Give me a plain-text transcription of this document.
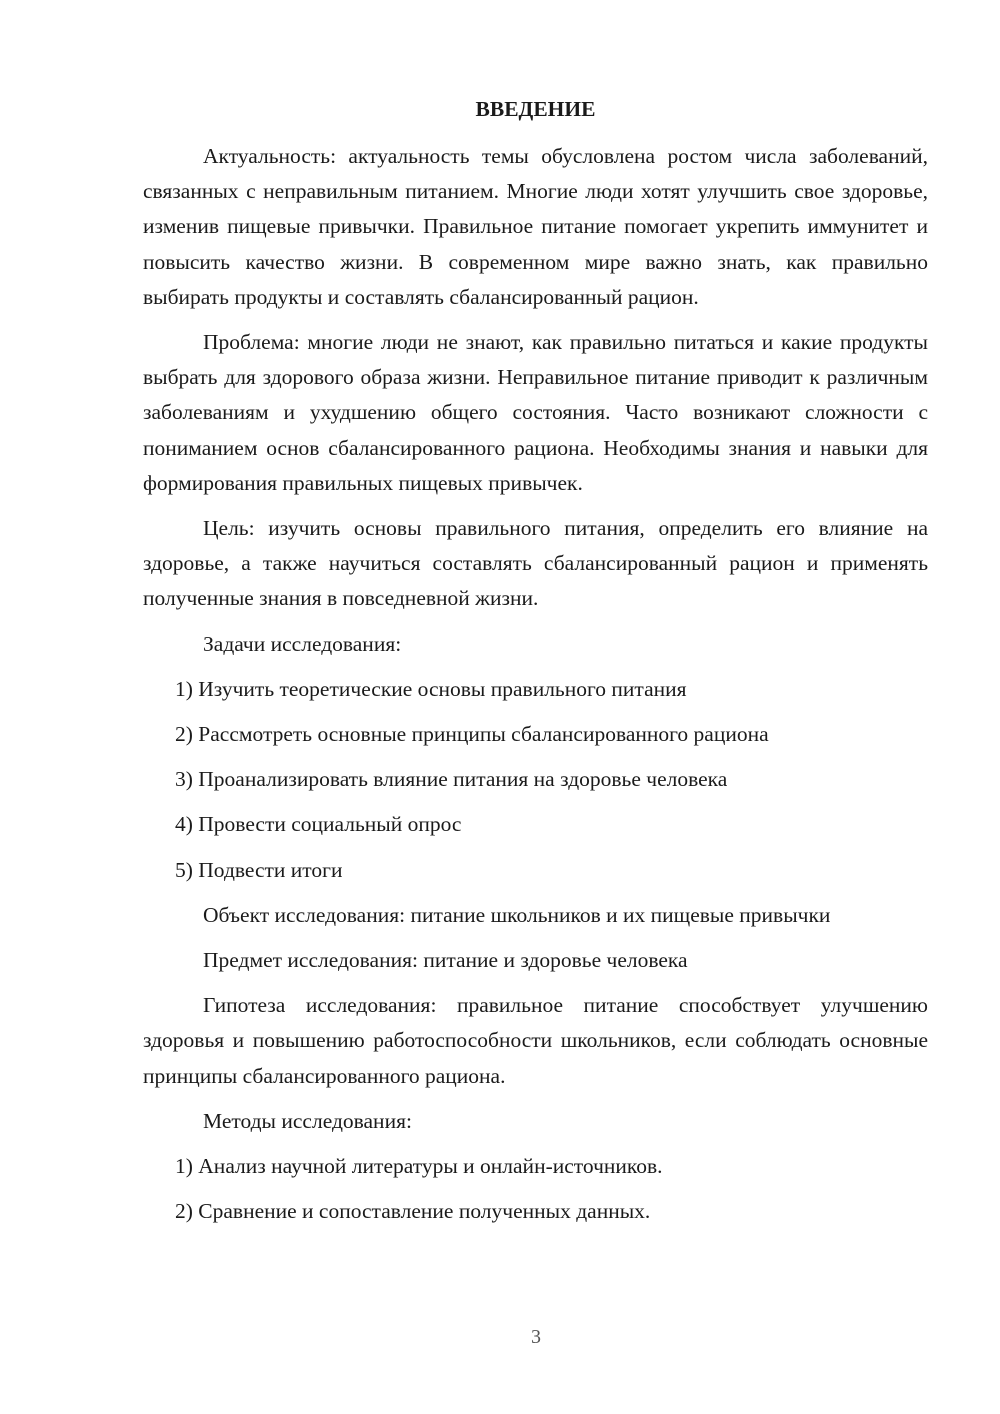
ВВЕДЕНИЕ

Актуальность: актуальность темы обусловлена ростом числа заболеваний, связанных с неправильным питанием. Многие люди хотят улучшить свое здоровье, изменив пищевые привычки. Правильное питание помогает укрепить иммунитет и повысить качество жизни. В современном мире важно знать, как правильно выбирать продукты и составлять сбалансированный рацион.

Проблема: многие люди не знают, как правильно питаться и какие продукты выбрать для здорового образа жизни. Неправильное питание приводит к различным заболеваниям и ухудшению общего состояния. Часто возникают сложности с пониманием основ сбалансированного рациона. Необходимы знания и навыки для формирования правильных пищевых привычек.

Цель: изучить основы правильного питания, определить его влияние на здоровье, а также научиться составлять сбалансированный рацион и применять полученные знания в повседневной жизни.

Задачи исследования:
1) Изучить теоретические основы правильного питания
2) Рассмотреть основные принципы сбалансированного рациона
3) Проанализировать влияние питания на здоровье человека
4) Провести социальный опрос
5) Подвести итоги
Объект исследования: питание школьников и их пищевые привычки
Предмет исследования: питание и здоровье человека

Гипотеза исследования: правильное питание способствует улучшению здоровья и повышению работоспособности школьников, если соблюдать основные принципы сбалансированного рациона.

Методы исследования:
1) Анализ научной литературы и онлайн-источников.
2) Сравнение и сопоставление полученных данных.
3
